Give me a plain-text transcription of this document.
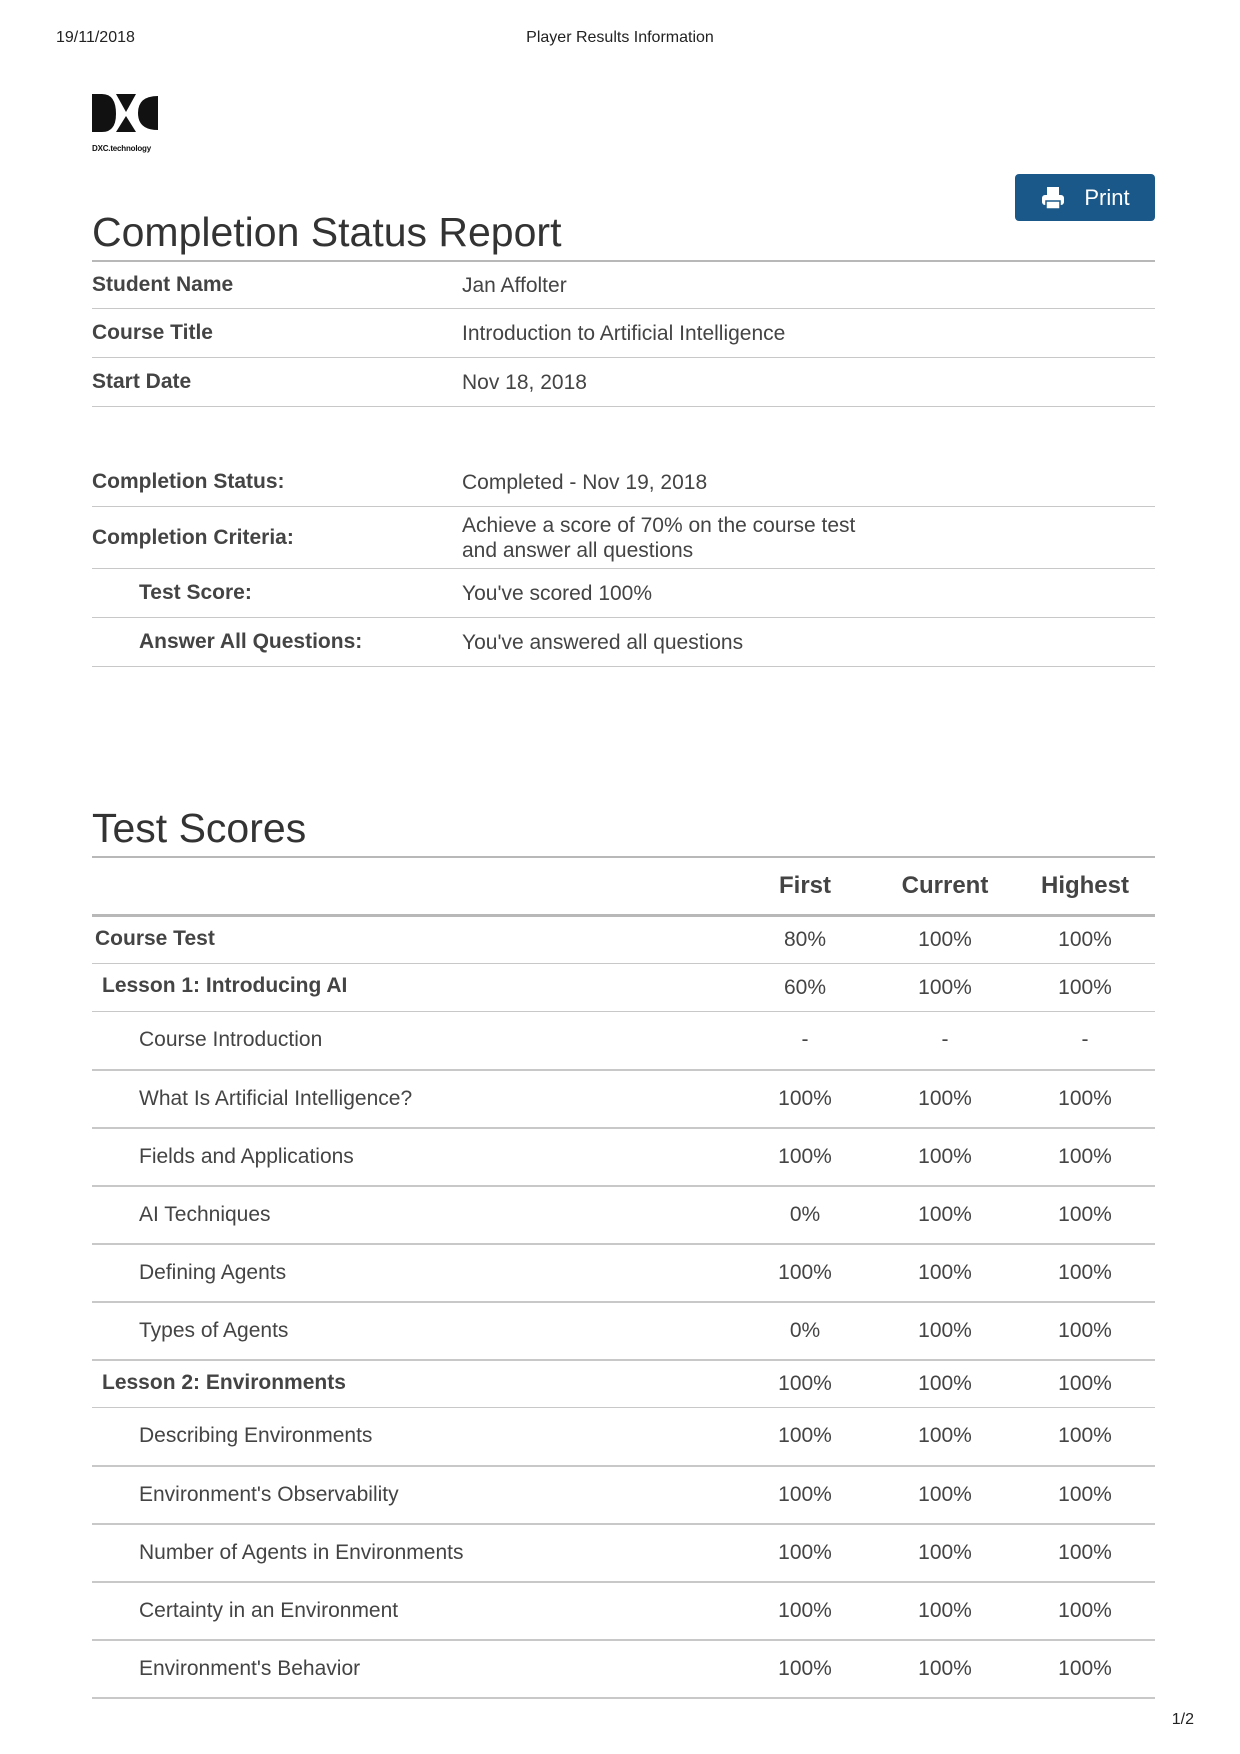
19/11/2018	Player Results Information
DXC.technology
Print
Completion Status Report
Student Name	Jan Affolter
Course Title	Introduction to Artificial Intelligence
Start Date	Nov 18, 2018
Completion Status:	Completed - Nov 19, 2018
Completion Criteria:
Achieve a score of 70% on the course test
and answer all questions
Test Score:	You've scored 100%
Answer All Questions:	You've answered all questions
Test Scores
	First	Current	Highest
Course Test	80%	100%	100%
Lesson 1: Introducing AI	60%	100%	100%
Course Introduction	-	-	-
What Is Artificial Intelligence?	100%	100%	100%
Fields and Applications	100%	100%	100%
AI Techniques	0%	100%	100%
Defining Agents	100%	100%	100%
Types of Agents	0%	100%	100%
Lesson 2: Environments	100%	100%	100%
Describing Environments	100%	100%	100%
Environment's Observability	100%	100%	100%
Number of Agents in Environments	100%	100%	100%
Certainty in an Environment	100%	100%	100%
Environment's Behavior	100%	100%	100%
1/2
